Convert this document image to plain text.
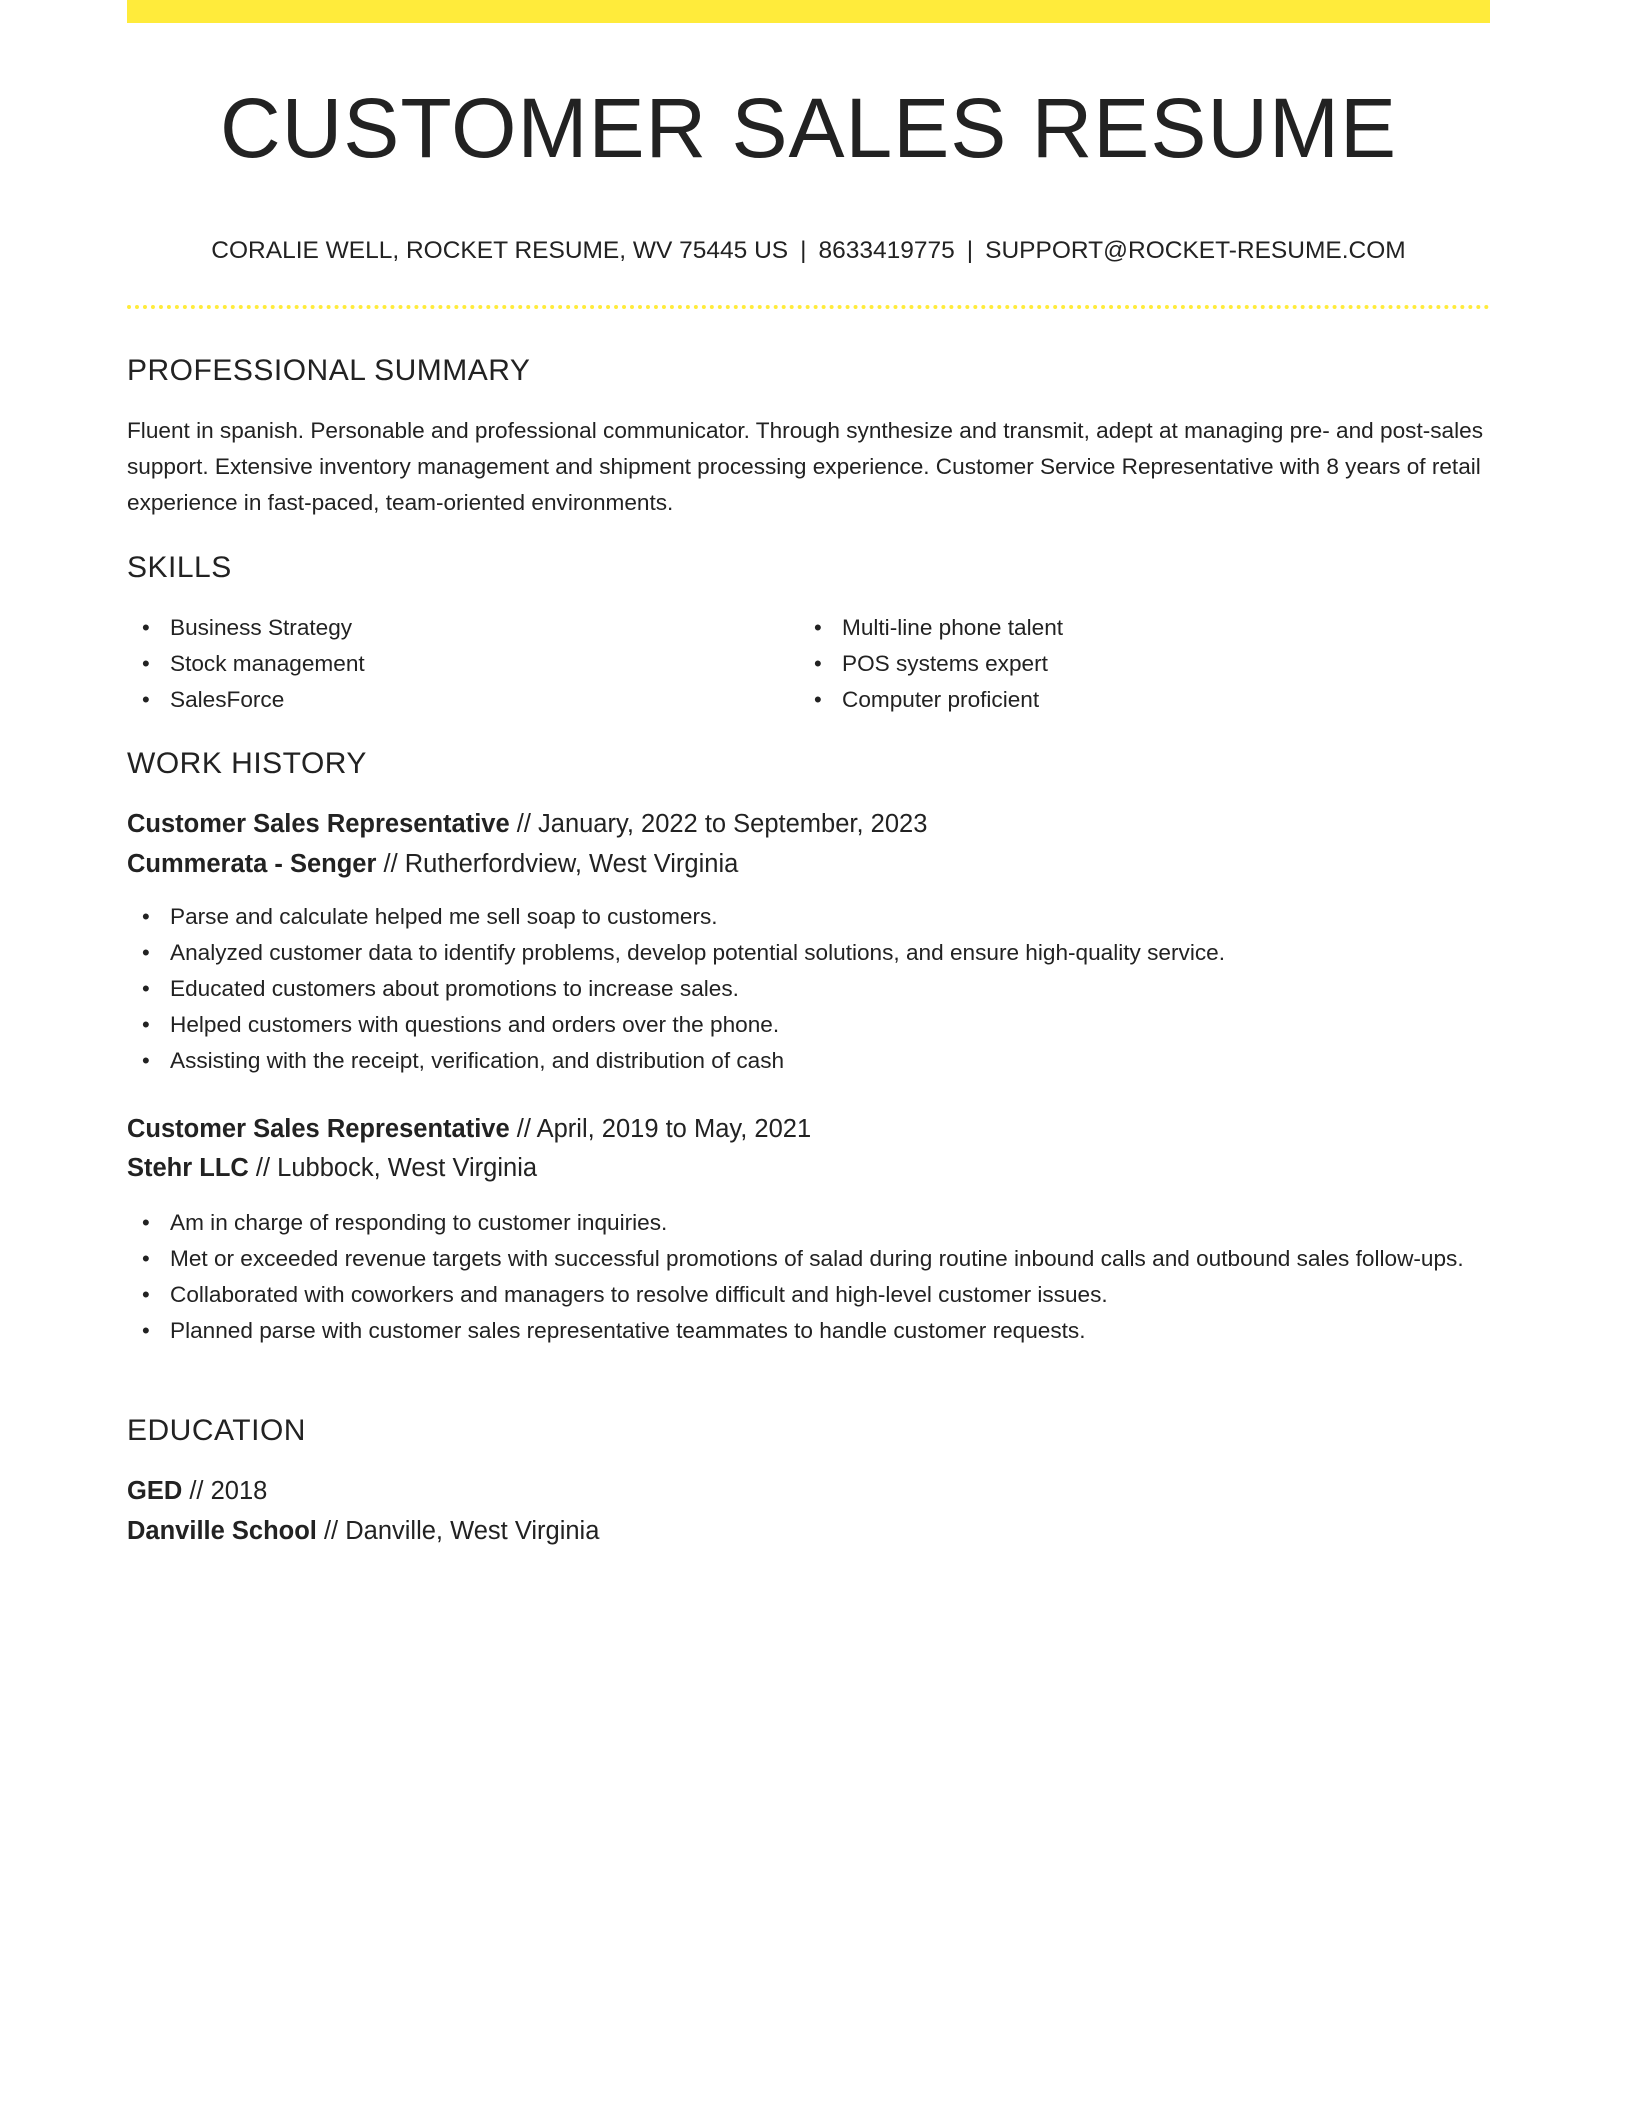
CUSTOMER SALES RESUME
CORALIE WELL, ROCKET RESUME, WV 75445 US | 8633419775 | SUPPORT@ROCKET-RESUME.COM
PROFESSIONAL SUMMARY

Fluent in spanish. Personable and professional communicator. Through synthesize and transmit, adept at managing pre- and post-sales support. Extensive inventory management and shipment processing experience. Customer Service Representative with 8 years of retail experience in fast-paced, team-oriented environments.

SKILLS
• Business Strategy
• Stock management
• SalesForce
• Multi-line phone talent
• POS systems expert
• Computer proficient
WORK HISTORY
Customer Sales Representative // January, 2022 to September, 2023
Cummerata - Senger // Rutherfordview, West Virginia
• Parse and calculate helped me sell soap to customers.
• Analyzed customer data to identify problems, develop potential solutions, and ensure high-quality service.
• Educated customers about promotions to increase sales.
• Helped customers with questions and orders over the phone.
• Assisting with the receipt, verification, and distribution of cash
Customer Sales Representative // April, 2019 to May, 2021
Stehr LLC // Lubbock, West Virginia
• Am in charge of responding to customer inquiries.
• Met or exceeded revenue targets with successful promotions of salad during routine inbound calls and outbound sales follow-ups.
• Collaborated with coworkers and managers to resolve difficult and high-level customer issues.
• Planned parse with customer sales representative teammates to handle customer requests.
EDUCATION
GED // 2018
Danville School // Danville, West Virginia
